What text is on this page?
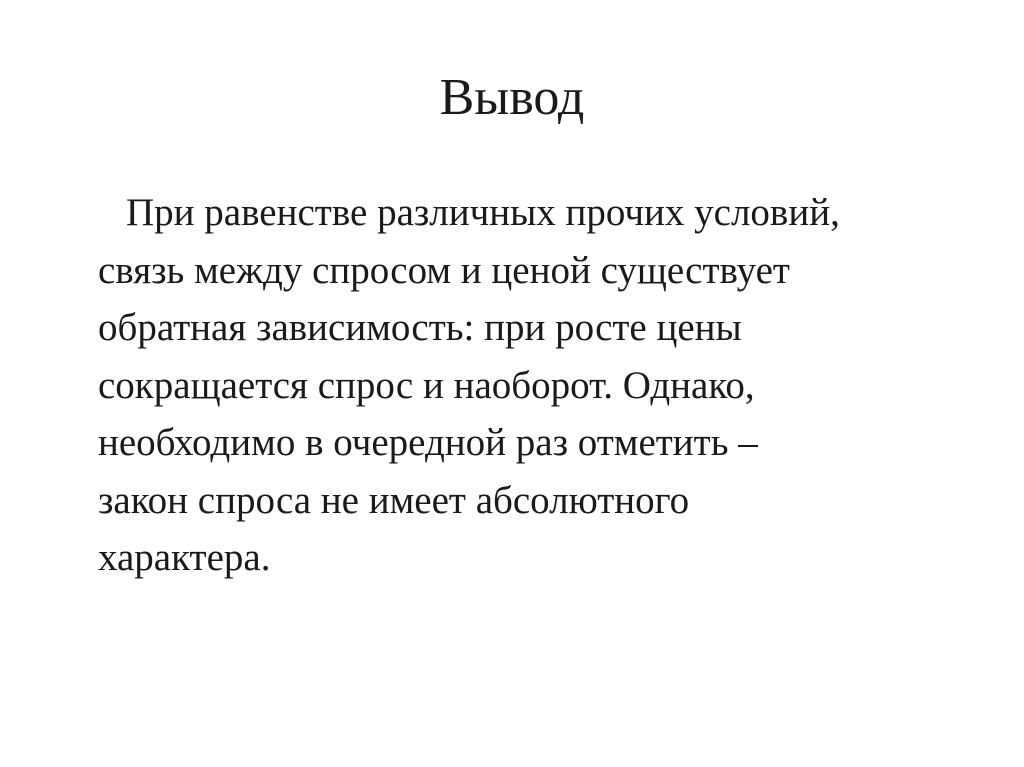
Вывод
При равенстве различных прочих условий,
связь между спросом и ценой существует
обратная зависимость: при росте цены
сокращается спрос и наоборот. Однако,
необходимо в очередной раз отметить –
закон спроса не имеет абсолютного
характера.
